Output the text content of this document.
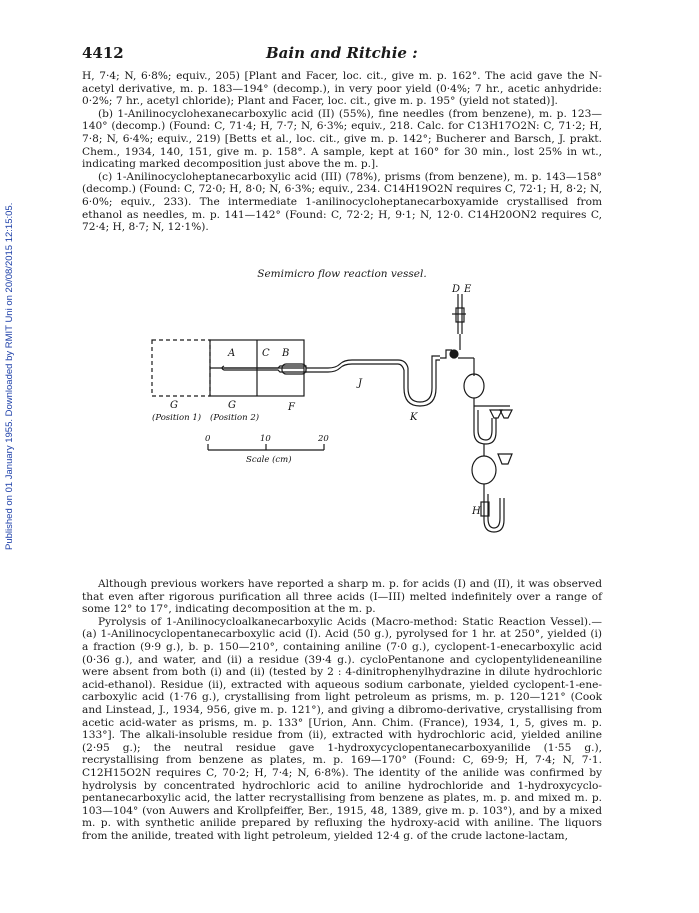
Published on 01 January 1955. Downloaded by RMIT Uni on 20/08/2015 12:15:05.
4412	Bain and Ritchie :

H, 7·4; N, 6·8%; equiv., 205) [Plant and Facer, loc. cit., give m. p. 162°. The acid gave the N-acetyl derivative, m. p. 183—194° (decomp.), in very poor yield (0·4%; 7 hr., acetic anhydride: 0·2%; 7 hr., acetyl chloride); Plant and Facer, loc. cit., give m. p. 195° (yield not stated)].

(b) 1-Anilinocyclohexanecarboxylic acid (II) (55%), fine needles (from benzene), m. p. 123—140° (decomp.) (Found: C, 71·4; H, 7·7; N, 6·3%; equiv., 218. Calc. for C13H17O2N: C, 71·2; H, 7·8; N, 6·4%; equiv., 219) [Betts et al., loc. cit., give m. p. 142°; Bucherer and Barsch, J. prakt. Chem., 1934, 140, 151, give m. p. 158°. A sample, kept at 160° for 30 min., lost 25% in wt., indicating marked decomposition just above the m. p.].

(c) 1-Anilinocycloheptanecarboxylic acid (III) (78%), prisms (from benzene), m. p. 143—158° (decomp.) (Found: C, 72·0; H, 8·0; N, 6·3%; equiv., 234. C14H19O2N requires C, 72·1; H, 8·2; N, 6·0%; equiv., 233). The intermediate 1-anilinocycloheptanecarboxyamide crystallised from ethanol as needles, m. p. 141—142° (Found: C, 72·2; H, 9·1; N, 12·0. C14H20ON2 requires C, 72·4; H, 8·7; N, 12·1%).

Semimicro flow reaction vessel.
A	C B
D E
F
G	G
J
K
H
(Position 1) (Position 2)
0	10	20
Scale (cm)

Although previous workers have reported a sharp m. p. for acids (I) and (II), it was observed that even after rigorous purification all three acids (I—III) melted indefinitely over a range of some 12° to 17°, indicating decomposition at the m. p.

Pyrolysis of 1-Anilinocycloalkanecarboxylic Acids (Macro-method: Static Reaction Vessel).—(a) 1-Anilinocyclopentanecarboxylic acid (I). Acid (50 g.), pyrolysed for 1 hr. at 250°, yielded (i) a fraction (9·9 g.), b. p. 150—210°, containing aniline (7·0 g.), cyclopent-1-enecarboxylic acid (0·36 g.), and water, and (ii) a residue (39·4 g.). cycloPentanone and cyclopentylideneaniline were absent from both (i) and (ii) (tested by 2 : 4-dinitrophenylhydrazine in dilute hydrochloric acid-ethanol). Residue (ii), extracted with aqueous sodium carbonate, yielded cyclopent-1-ene-carboxylic acid (1·76 g.), crystallising from light petroleum as prisms, m. p. 120—121° (Cook and Linstead, J., 1934, 956, give m. p. 121°), and giving a dibromo-derivative, crystallising from acetic acid-water as prisms, m. p. 133° [Urion, Ann. Chim. (France), 1934, 1, 5, gives m. p. 133°]. The alkali-insoluble residue from (ii), extracted with hydrochloric acid, yielded aniline (2·95 g.); the neutral residue gave 1-hydroxycyclopentanecarboxyanilide (1·55 g.), recrystallising from benzene as plates, m. p. 169—170° (Found: C, 69·9; H, 7·4; N, 7·1. C12H15O2N requires C, 70·2; H, 7·4; N, 6·8%). The identity of the anilide was confirmed by hydrolysis by concentrated hydrochloric acid to aniline hydrochloride and 1-hydroxycyclo-pentanecarboxylic acid, the latter recrystallising from benzene as plates, m. p. and mixed m. p. 103—104° (von Auwers and Krollpfeiffer, Ber., 1915, 48, 1389, give m. p. 103°), and by a mixed m. p. with synthetic anilide prepared by refluxing the hydroxy-acid with aniline. The liquors from the anilide, treated with light petroleum, yielded 12·4 g. of the crude lactone-lactam,
